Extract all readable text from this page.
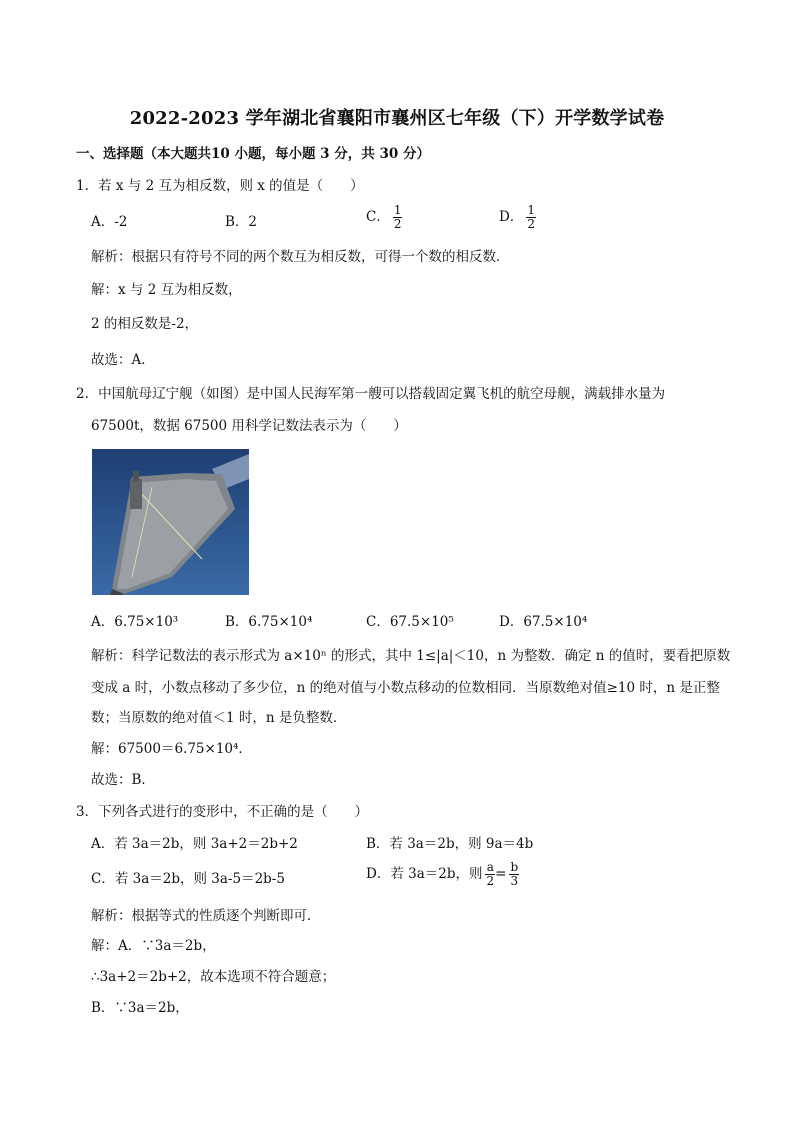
2022-2023 学年湖北省襄阳市襄州区七年级（下）开学数学试卷
一、选择题（本大题共10 小题，每小题 3 分，共 30 分）
1．若 x 与 2 互为相反数，则 x 的值是（　　）
A．-2	B．2	C． $\frac{1}{2}$	D． $\frac{1}{2}$
解析：根据只有符号不同的两个数互为相反数，可得一个数的相反数．
解：x 与 2 互为相反数，
2 的相反数是-2，
故选：A．
2．中国航母辽宁舰（如图）是中国人民海军第一艘可以搭载固定翼飞机的航空母舰，满载排水量为
67500t，数据 67500 用科学记数法表示为（　　）
A．6.75×10³	B．6.75×10⁴	C．67.5×10⁵	D．67.5×10⁴
解析：科学记数法的表示形式为 a×10ⁿ 的形式，其中 1≤|a|＜10，n 为整数．确定 n 的值时，要看把原数
变成 a 时，小数点移动了多少位，n 的绝对值与小数点移动的位数相同．当原数绝对值≥10 时，n 是正整
数；当原数的绝对值＜1 时，n 是负整数．
解：67500＝6.75×10⁴．
故选：B．
3．下列各式进行的变形中，不正确的是（　　）
A．若 3a＝2b，则 3a+2＝2b+2	B．若 3a＝2b，则 9a＝4b
C．若 3a＝2b，则 3a-5＝2b-5	D．若 3a＝2b，则 $\frac{a}{2} = \frac{b}{3}$
解析：根据等式的性质逐个判断即可．
解：A．∵3a＝2b，
∴3a+2＝2b+2，故本选项不符合题意；
B．∵3a＝2b，
